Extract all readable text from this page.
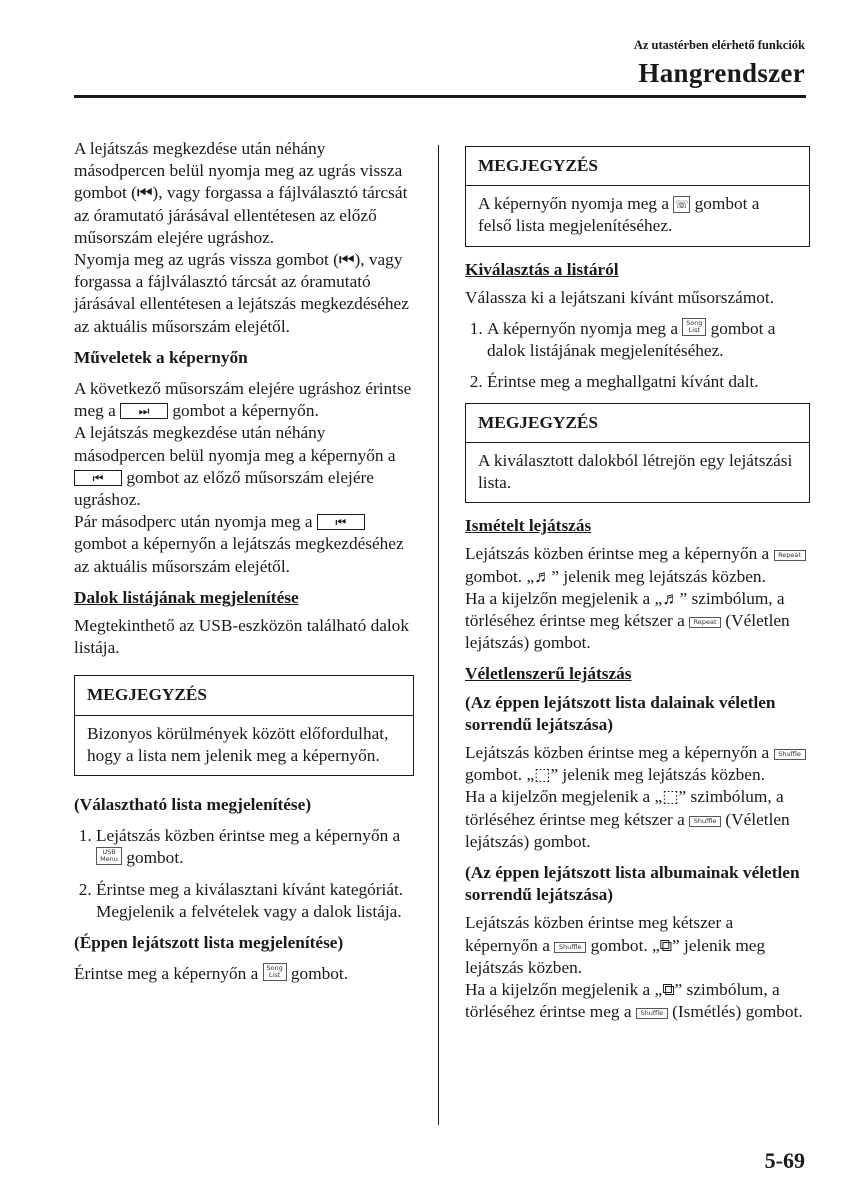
Az utastérben elérhető funkciók
Hangrendszer

A lejátszás megkezdése után néhány másodpercen belül nyomja meg az ugrás vissza gombot (⏮), vagy forgassa a fájlválasztó tárcsát az óramutató járásával ellentétesen az előző műsorszám elejére ugráshoz.

Nyomja meg az ugrás vissza gombot (⏮), vagy forgassa a fájlválasztó tárcsát az óramutató járásával ellentétesen a lejátszás megkezdéséhez az aktuális műsorszám elejétől.

Műveletek a képernyőn

A következő műsorszám elejére ugráshoz érintse meg a ⏭ gombot a képernyőn.

A lejátszás megkezdése után néhány másodpercen belül nyomja meg a képernyőn a ⏮ gombot az előző műsorszám elejére ugráshoz.

Pár másodperc után nyomja meg a ⏮ gombot a képernyőn a lejátszás megkezdéséhez az aktuális műsorszám elejétől.

Dalok listájának megjelenítése

Megtekinthető az USB-eszközön található dalok listája.

MEGJEGYZÉS
Bizonyos körülmények között előfordulhat, hogy a lista nem jelenik meg a képernyőn.
(Választható lista megjelenítése)
1. Lejátszás közben érintse meg a képernyőn a USB Menu gombot.
2. Érintse meg a kiválasztani kívánt kategóriát. Megjelenik a felvételek vagy a dalok listája.
(Éppen lejátszott lista megjelenítése)

Érintse meg a képernyőn a Song List gombot.

MEGJEGYZÉS
A képernyőn nyomja meg a ☏ gombot a felső lista megjelenítéséhez.
Kiválasztás a listáról

Válassza ki a lejátszani kívánt műsorszámot.

1. A képernyőn nyomja meg a Song List gombot a dalok listájának megjelenítéséhez.
2. Érintse meg a meghallgatni kívánt dalt.
MEGJEGYZÉS
A kiválasztott dalokból létrejön egy lejátszási lista.
Ismételt lejátszás

Lejátszás közben érintse meg a képernyőn a Repeat gombot. „♬” jelenik meg lejátszás közben.

Ha a kijelzőn megjelenik a „♬” szimbólum, a törléséhez érintse meg kétszer a Repeat (Véletlen lejátszás) gombot.

Véletlenszerű lejátszás
(Az éppen lejátszott lista dalainak véletlen sorrendű lejátszása)

Lejátszás közben érintse meg a képernyőn a Shuffle gombot. „⬚” jelenik meg lejátszás közben.

Ha a kijelzőn megjelenik a „⬚” szimbólum, a törléséhez érintse meg kétszer a Shuffle (Véletlen lejátszás) gombot.

(Az éppen lejátszott lista albumainak véletlen sorrendű lejátszása)

Lejátszás közben érintse meg kétszer a képernyőn a Shuffle gombot. „⧉” jelenik meg lejátszás közben.

Ha a kijelzőn megjelenik a „⧉” szimbólum, a törléséhez érintse meg a Shuffle (Ismétlés) gombot.

5-69
